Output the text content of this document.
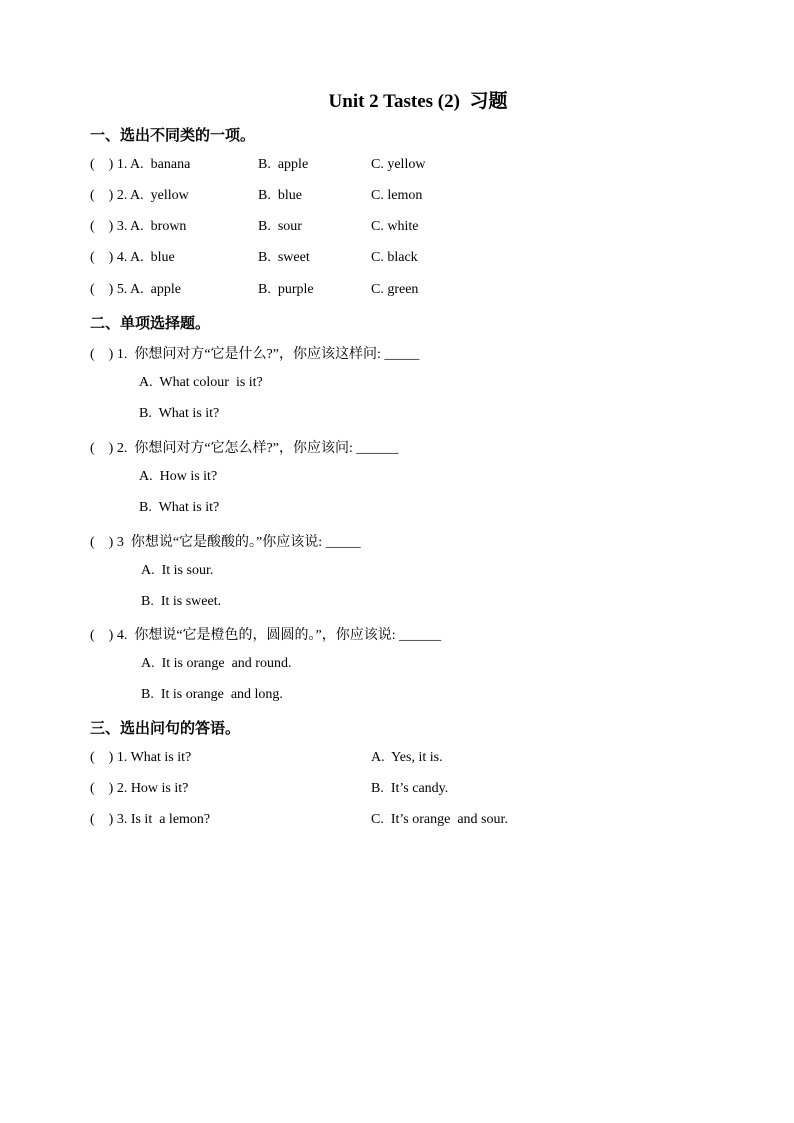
Unit 2 Tastes (2)  习题
一、选出不同类的一项。
(    ) 1. A.  banana	B.  apple	C. yellow
(    ) 2. A.  yellow	B.  blue	C. lemon
(    ) 3. A.  brown	B.  sour	C. white
(    ) 4. A.  blue	B.  sweet	C. black
(    ) 5. A.  apple	B.  purple	C. green
二、单项选择题。
(    ) 1.  你想问对方“它是什么?”，你应该这样问: _____
A.  What colour  is it?
B.  What is it?
(    ) 2.  你想问对方“它怎么样?”，你应该问: ______
A.  How is it?
B.  What is it?
(    ) 3  你想说“它是酸酸的。”你应该说: _____
A.  It is sour.
B.  It is sweet.
(    ) 4.  你想说“它是橙色的，圆圆的。”，你应该说: ______
A.  It is orange  and round.
B.  It is orange  and long.
三、选出问句的答语。
(    ) 1. What is it?	A.  Yes, it is.
(    ) 2. How is it?	B.  It’s candy.
(    ) 3. Is it  a lemon?	C.  It’s orange  and sour.
